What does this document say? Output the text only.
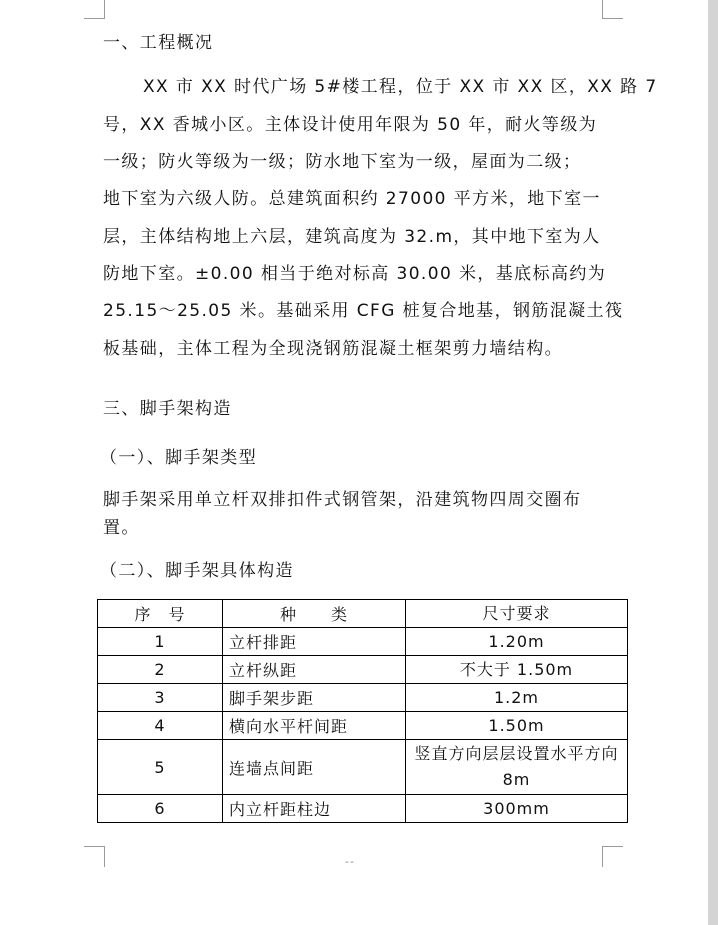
一、工程概况
XX 市 XX 时代广场 5#楼工程，位于 XX 市 XX 区，XX 路 7
号，XX 香城小区。主体设计使用年限为 50 年，耐火等级为
一级；防火等级为一级；防水地下室为一级，屋面为二级；
地下室为六级人防。总建筑面积约 27000 平方米，地下室一
层，主体结构地上六层，建筑高度为 32.m，其中地下室为人
防地下室。±0.00 相当于绝对标高 30.00 米，基底标高约为
25.15～25.05 米。基础采用 CFG 桩复合地基，钢筋混凝土筏
板基础，主体工程为全现浇钢筋混凝土框架剪力墙结构。
三、脚手架构造
（一）、脚手架类型
脚手架采用单立杆双排扣件式钢管架，沿建筑物四周交圈布
置。
（二）、脚手架具体构造
序　号	种　　类	尺寸要求
1	立杆排距	1.20m
2	立杆纵距	不大于 1.50m
3	脚手架步距	1.2m
4	横向水平杆间距	1.50m
5	连墙点间距	竖直方向层层设置水平方向 8m
6	内立杆距柱边	300mm
--
